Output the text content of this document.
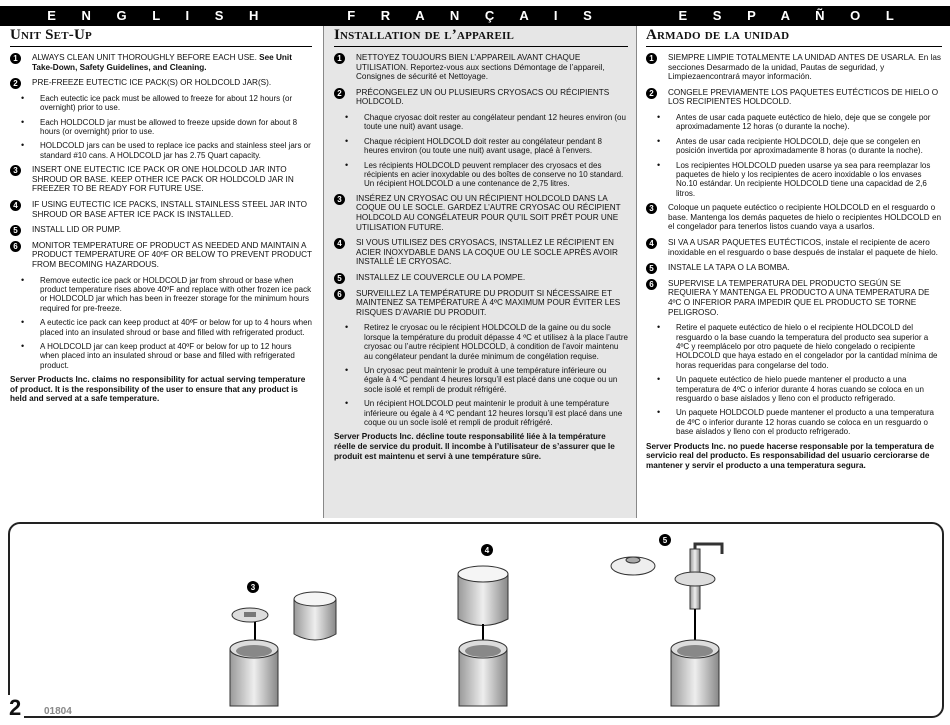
E N G L I S H	F R A N Ç A I S	E S P A Ñ O L
Unit Set-Up
1	ALWAYS CLEAN UNIT THOROUGHLY BEFORE EACH USE. See Unit Take-Down, Safety Guidelines, and Cleaning.
2	PRE-FREEZE EUTECTIC ICE PACK(S) OR HOLDCOLD JAR(S).
• Each eutectic ice pack must be allowed to freeze for about 12 hours (or overnight) prior to use.
• Each HOLDCOLD jar must be allowed to freeze upside down for about 8 hours (or overnight) prior to use.
• HOLDCOLD jars can be used to replace ice packs and stainless steel jars or standard #10 cans. A HOLDCOLD jar has 2.75 Quart capacity.
3	INSERT ONE EUTECTIC ICE PACK OR ONE HOLDCOLD JAR INTO SHROUD OR BASE. KEEP OTHER ICE PACK OR HOLDCOLD JAR IN FREEZER TO BE READY FOR FUTURE USE.
4	IF USING EUTECTIC ICE PACKS, INSTALL STAINLESS STEEL JAR INTO SHROUD OR BASE AFTER ICE PACK IS INSTALLED.
5	INSTALL LID OR PUMP.
6	MONITOR TEMPERATURE OF PRODUCT AS NEEDED AND MAINTAIN A PRODUCT TEMPERATURE OF 40ºF OR BELOW TO PREVENT PRODUCT FROM BECOMING HAZARDOUS.
• Remove eutectic ice pack or HOLDCOLD jar from shroud or base when product temperature rises above 40ºF and replace with other frozen ice pack or HOLDCOLD jar which has been in freezer storage for the minimum hours required for pre-freeze.
• A eutectic ice pack can keep product at 40ºF or below for up to 4 hours when placed into an insulated shroud or base and filled with refrigerated product.
• A HOLDCOLD jar can keep product at 40ºF or below for up to 12 hours when placed into an insulated shroud or base and filled with refrigerated product.
Server Products Inc. claims no responsibility for actual serving temperature of product. It is the responsibility of the user to ensure that any product is held and served at a safe temperature.
Installation de l’appareil
1	NETTOYEZ TOUJOURS BIEN L’APPAREIL AVANT CHAQUE UTILISATION. Reportez-vous aux sections Démontage de l’appareil, Consignes de sécurité et Nettoyage.
2	PRÉCONGELEZ UN OU PLUSIEURS CRYOSACS OU RÉCIPIENTS HOLDCOLD.
• Chaque cryosac doit rester au congélateur pendant 12 heures environ (ou toute une nuit) avant usage.
• Chaque récipient HOLDCOLD doit rester au congélateur pendant 8 heures environ (ou toute une nuit) avant usage, placé à l’envers.
• Les récipients HOLDCOLD peuvent remplacer des cryosacs et des récipients en acier inoxydable ou des boîtes de conserve no 10 standard. Un récipient HOLDCOLD a une contenance de 2,75 litres.
3	INSÉREZ UN CRYOSAC OU UN RÉCIPIENT HOLDCOLD DANS LA COQUE OU LE SOCLE. GARDEZ L’AUTRE CRYOSAC OU RÉCIPIENT HOLDCOLD AU CONGÉLATEUR POUR QU’IL SOIT PRÊT POUR UNE UTILISATION FUTURE.
4	SI VOUS UTILISEZ DES CRYOSACS, INSTALLEZ LE RÉCIPIENT EN ACIER INOXYDABLE DANS LA COQUE OU LE SOCLE APRÈS AVOIR INSTALLÉ LE CRYOSAC.
5	INSTALLEZ LE COUVERCLE OU LA POMPE.
6	SURVEILLEZ LA TEMPÉRATURE DU PRODUIT SI NÉCESSAIRE ET MAINTENEZ SA TEMPÉRATURE À 4ºC MAXIMUM POUR ÉVITER LES RISQUES D’AVARIE DU PRODUIT.
• Retirez le cryosac ou le récipient HOLDCOLD de la gaine ou du socle lorsque la température du produit dépasse 4 ºC et utilisez à la place l’autre cryosac ou l’autre récipient HOLDCOLD, à condition de l’avoir maintenu au congélateur pendant la durée minimum de congélation requise.
• Un cryosac peut maintenir le produit à une température inférieure ou égale à 4 ºC pendant 4 heures lorsqu’il est placé dans une coque ou un socle isolé et rempli de produit réfrigéré.
• Un récipient HOLDCOLD peut maintenir le produit à une température inférieure ou égale à 4 ºC pendant 12 heures lorsqu’il est placé dans une coque ou un socle isolé et rempli de produit réfrigéré.
Server Products Inc. décline toute responsabilité liée à la température réelle de service du produit. Il incombe à l’utilisateur de s’assurer que le produit est maintenu et servi à une température sûre.
Armado de la unidad
1	SIEMPRE LIMPIE TOTALMENTE LA UNIDAD ANTES DE USARLA. En las secciones Desarmado de la unidad, Pautas de seguridad, y Limpiezaencontrará mayor información.
2	CONGELE PREVIAMENTE LOS PAQUETES EUTÉCTICOS DE HIELO O LOS RECIPIENTES HOLDCOLD.
• Antes de usar cada paquete eutéctico de hielo, deje que se congele por aproximadamente 12 horas (o durante la noche).
• Antes de usar cada recipiente HOLDCOLD, deje que se congelen en posición invertida por aproximadamente 8 horas (o durante la noche).
• Los recipientes HOLDCOLD pueden usarse ya sea para reemplazar los paquetes de hielo y los recipientes de acero inoxidable o los envases No.10 estándar. Un recipiente HOLDCOLD tiene una capacidad de 2,6 litros.
3	Coloque un paquete eutéctico o recipiente HOLDCOLD en el resguardo o base. Mantenga los demás paquetes de hielo o recipientes HOLDCOLD en el congelador para tenerlos listos cuando vaya a usarlos.
4	SI VA A USAR PAQUETES EUTÉCTICOS, instale el recipiente de acero inoxidable en el resguardo o base después de instalar el paquete de hielo.
5	INSTALE LA TAPA O LA BOMBA.
6	SUPERVISE LA TEMPERATURA DEL PRODUCTO SEGÚN SE REQUIERA Y MANTENGA EL PRODUCTO A UNA TEMPERATURA DE 4ºC O INFERIOR PARA IMPEDIR QUE EL PRODUCTO SE TORNE PELIGROSO.
• Retire el paquete eutéctico de hielo o el recipiente HOLDCOLD del resguardo o la base cuando la temperatura del producto sea superior a 4ºC y reemplácelo por otro paquete de hielo congelado o recipiente HOLDCOLD que haya estado en el congelador por la cantidad mínima de horas requeridas para congelarse del todo.
• Un paquete eutéctico de hielo puede mantener el producto a una temperatura de 4ºC o inferior durante 4 horas cuando se coloca en un resguardo o base aislados y lleno con el producto refrigerado.
• Un paquete HOLDCOLD puede mantener el producto a una temperatura de 4ºC o inferior durante 12 horas cuando se coloca en un resguardo o base aislados y lleno con el producto refrigerado.
Server Products Inc. no puede hacerse responsable por la temperatura de servicio real del producto. Es responsabilidad del usuario cerciorarse de mantener y servir el producto a una temperatura segura.
3
4
5
2	01804
